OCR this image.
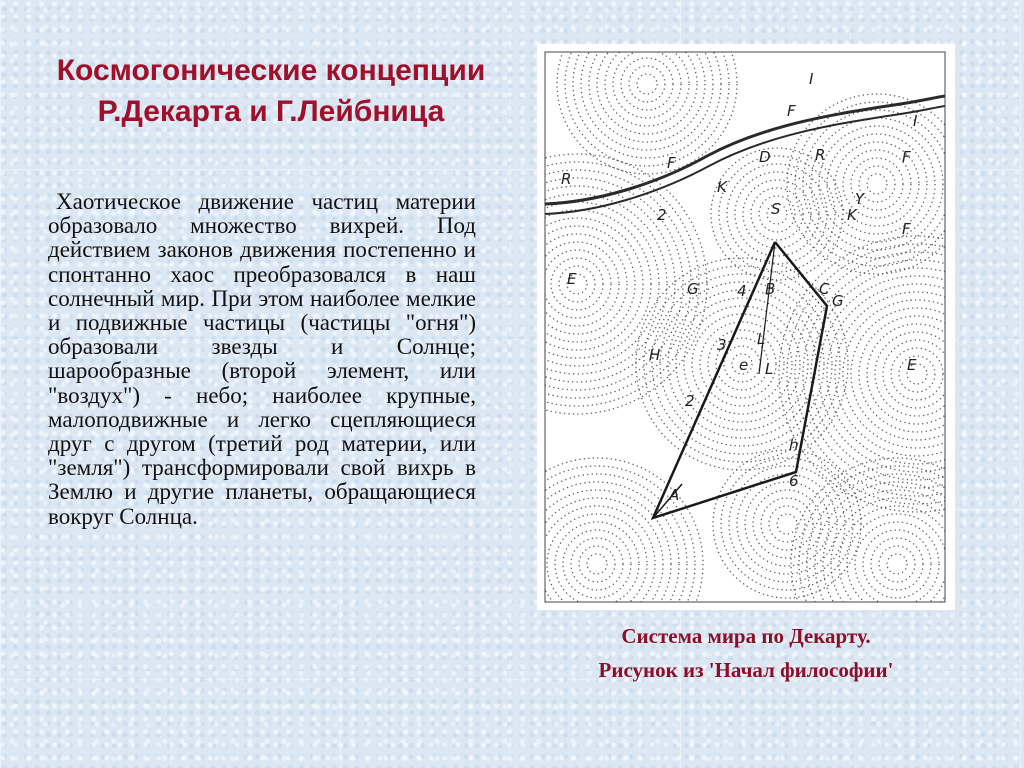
Космогонические концепции Р.Декарта и Г.Лейбница

Хаотическое движение частиц материи образовало множество вихрей. Под действием законов движения постепенно и спонтанно хаос преобразовался в наш солнечный мир. При этом наиболее мелкие и подвижные частицы (частицы "огня") образовали звезды и Солнце; шарообразные (второй элемент, или "воздух") - небо; наиболее крупные, малоподвижные и легко сцепляющиеся друг с другом (третий род материи, или "земля") трансформировали свой вихрь в Землю и другие планеты, обращающиеся вокруг Солнца.

I
F
F	F
F
I
D
R
R
K
K
Y
S
2
E
E
G
G
4 B	C
3
e
L
L
H
2
h
A
6

Система мира по Декарту.

Рисунок из 'Начал философии'
